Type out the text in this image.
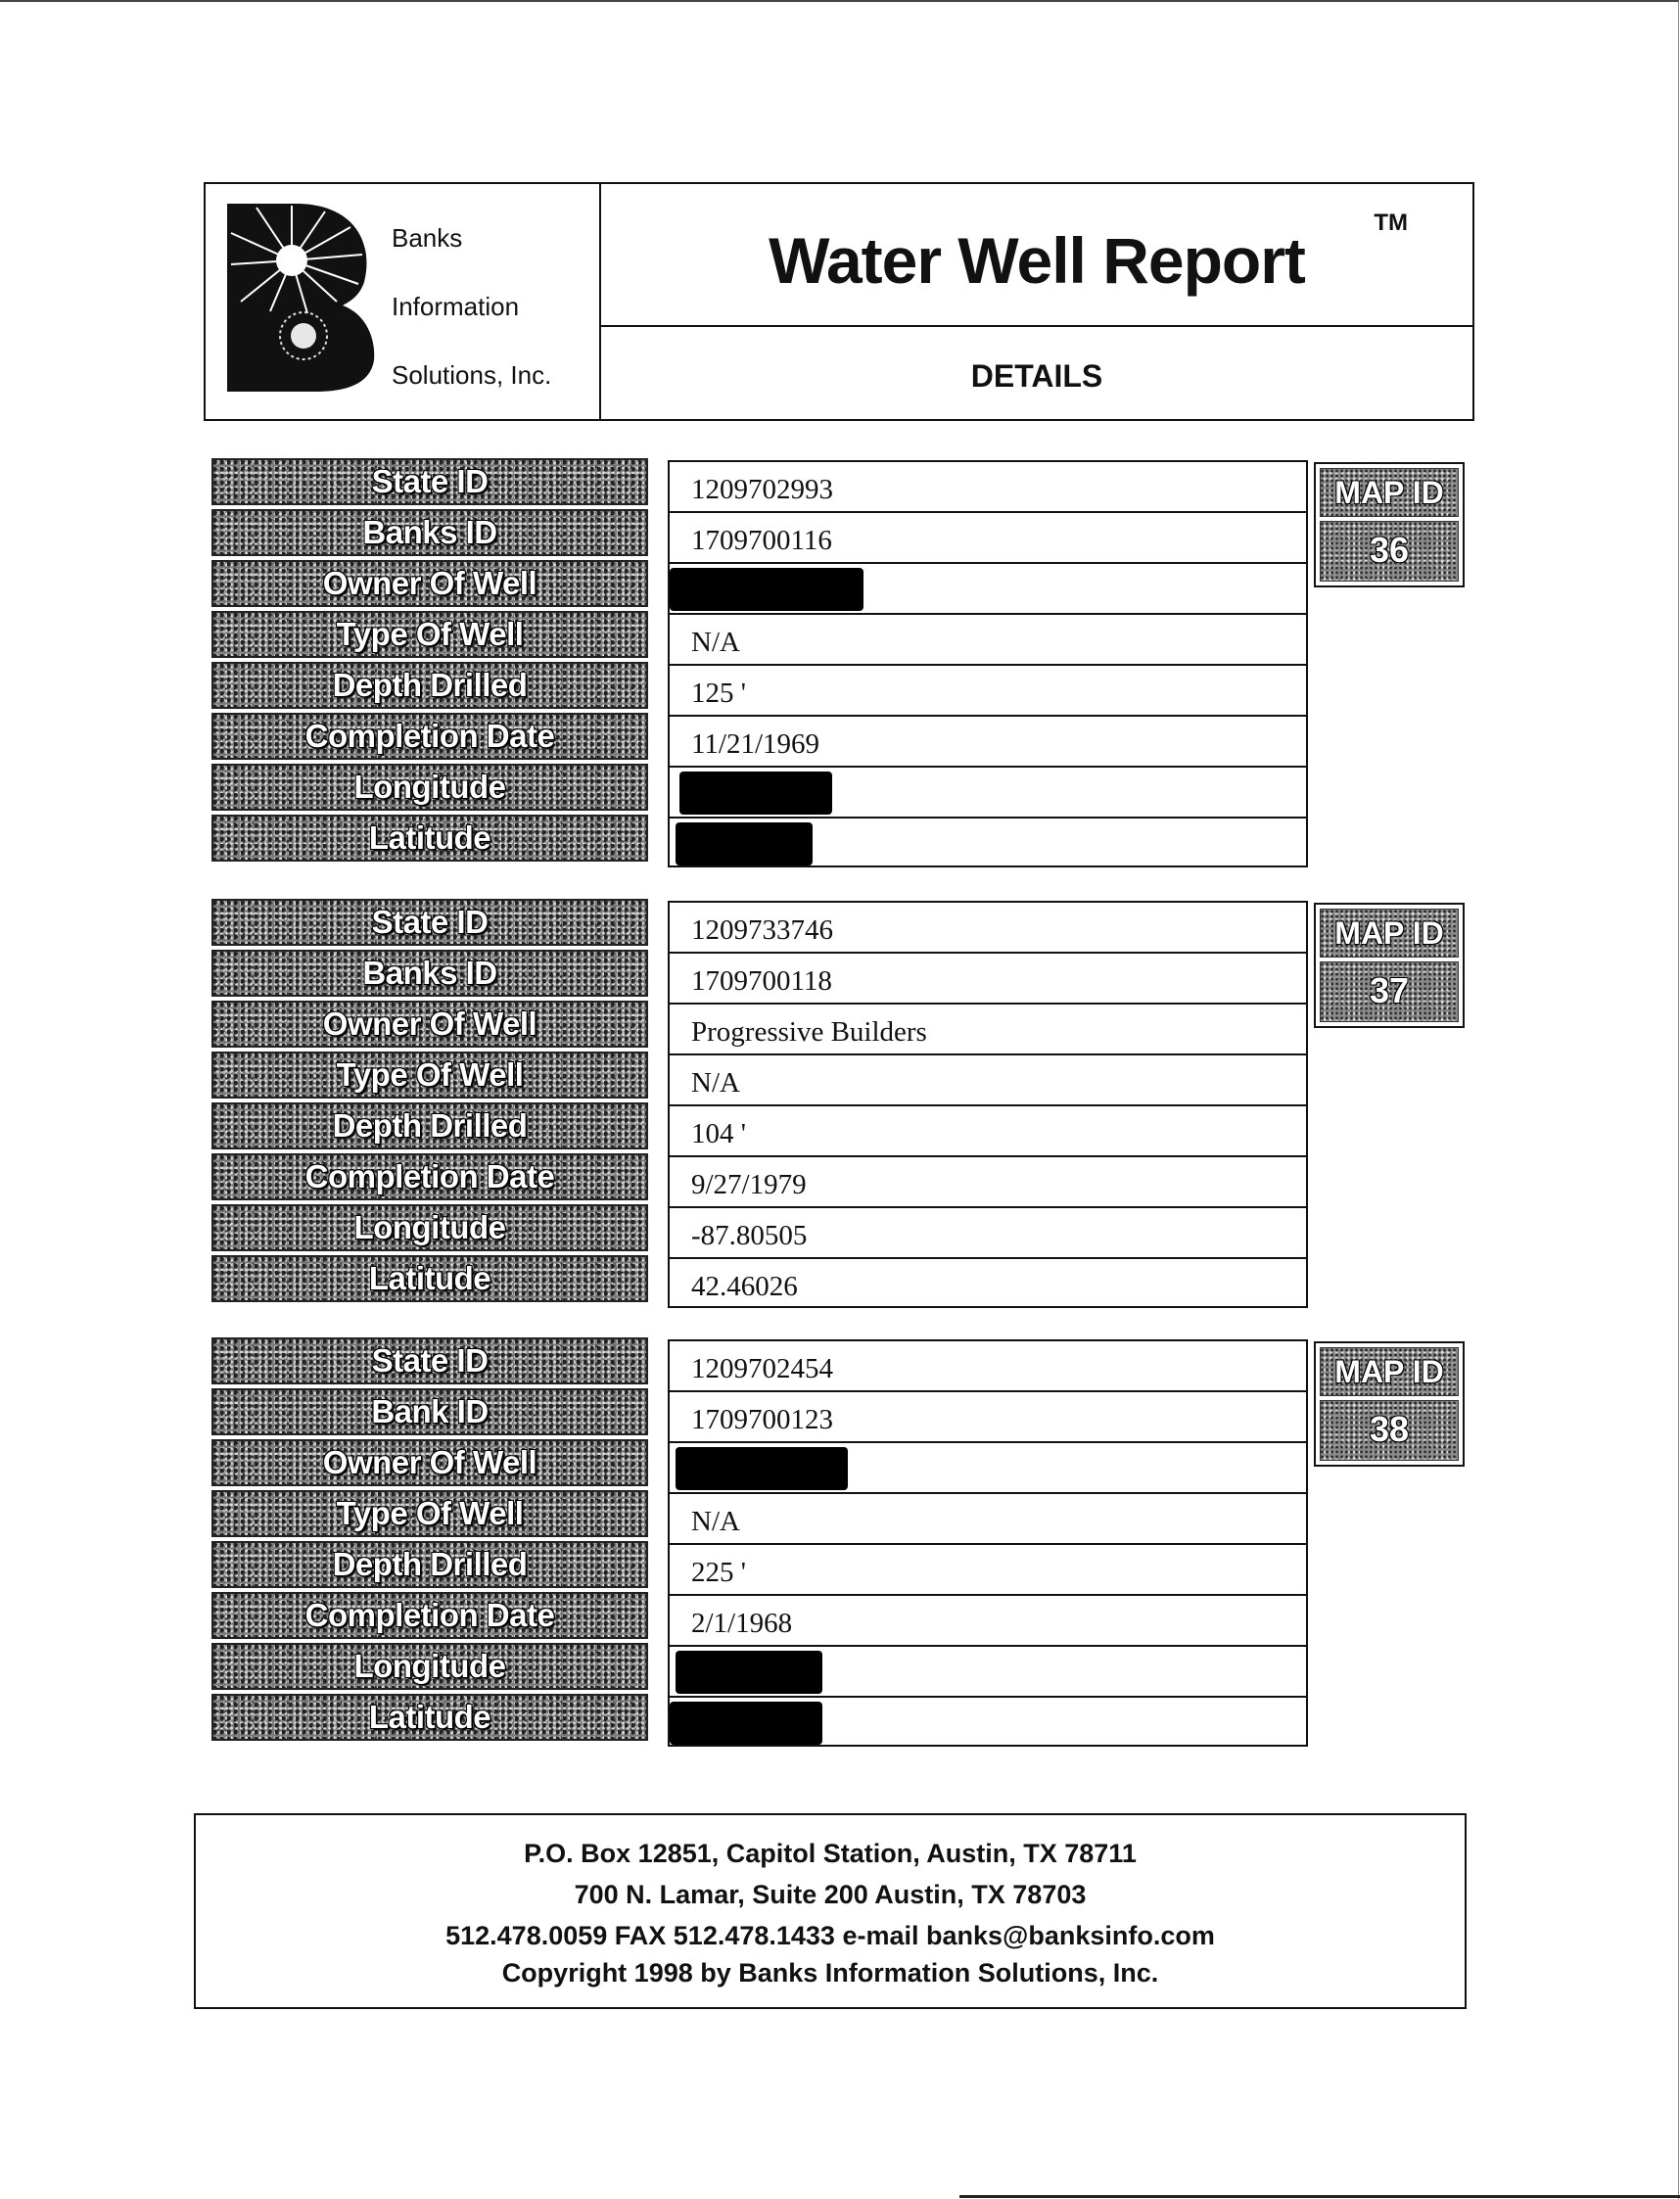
Banks
Information
Solutions, Inc.
Water Well Report
TM
DETAILS
State ID
Banks ID
Owner Of Well
Type Of Well
Depth Drilled
Completion Date
Longitude
Latitude
1209702993
1709700116
N/A
125 '
11/21/1969
MAP ID
36
State ID
Banks ID
Owner Of Well
Type Of Well
Depth Drilled
Completion Date
Longitude
Latitude
1209733746
1709700118
Progressive Builders
N/A
104 '
9/27/1979
-87.80505
42.46026
MAP ID
37
State ID
Bank ID
Owner Of Well
Type Of Well
Depth Drilled
Completion Date
Longitude
Latitude
1209702454
1709700123
N/A
225 '
2/1/1968
MAP ID
38
P.O. Box 12851, Capitol Station, Austin, TX 78711
700 N. Lamar, Suite 200 Austin, TX 78703
512.478.0059 FAX 512.478.1433 e-mail banks@banksinfo.com
Copyright 1998 by Banks Information Solutions, Inc.
